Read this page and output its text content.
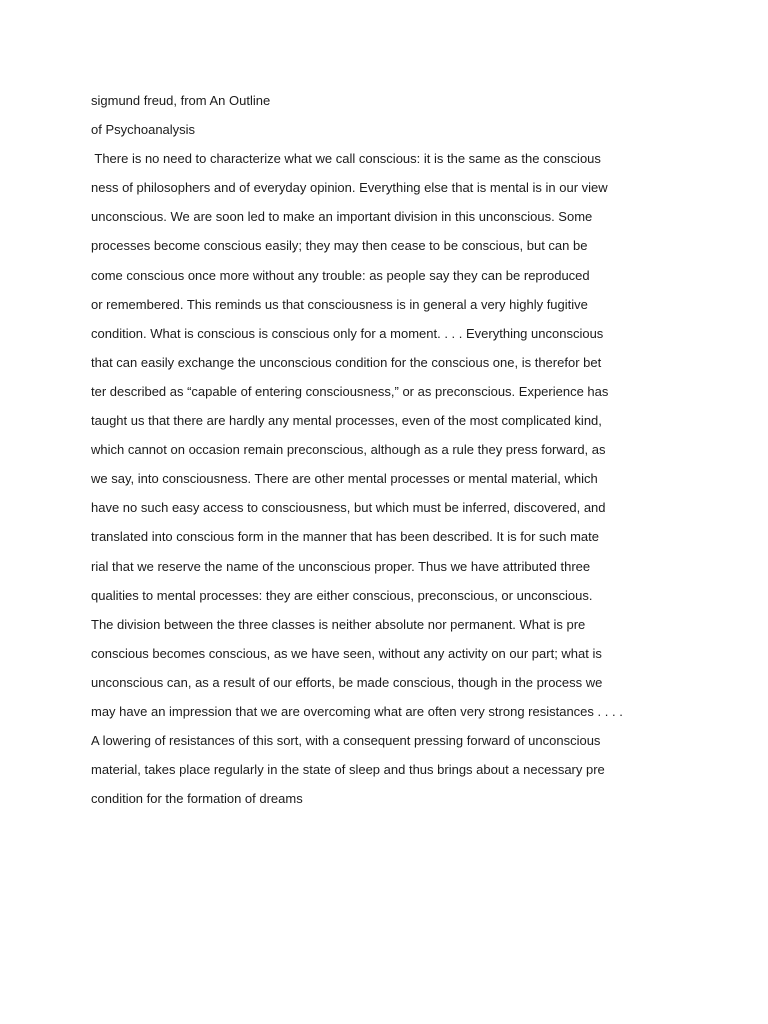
sigmund freud, from An Outline
of Psychoanalysis
There is no need to characterize what we call conscious: it is the same as the conscious
ness of philosophers and of everyday opinion. Everything else that is mental is in our view
unconscious. We are soon led to make an important division in this unconscious. Some
processes become conscious easily; they may then cease to be conscious, but can be
come conscious once more without any trouble: as people say they can be reproduced
or remembered. This reminds us that consciousness is in general a very highly fugitive
condition. What is conscious is conscious only for a moment. . . . Everything unconscious
that can easily exchange the unconscious condition for the conscious one, is therefor bet
ter described as “capable of entering consciousness,” or as preconscious. Experience has
taught us that there are hardly any mental processes, even of the most complicated kind,
which cannot on occasion remain preconscious, although as a rule they press forward, as
we say, into consciousness. There are other mental processes or mental material, which
have no such easy access to consciousness, but which must be inferred, discovered, and
translated into conscious form in the manner that has been described. It is for such mate
rial that we reserve the name of the unconscious proper. Thus we have attributed three
qualities to mental processes: they are either conscious, preconscious, or unconscious.
The division between the three classes is neither absolute nor permanent. What is pre
conscious becomes conscious, as we have seen, without any activity on our part; what is
unconscious can, as a result of our efforts, be made conscious, though in the process we
may have an impression that we are overcoming what are often very strong resistances . . . .
A lowering of resistances of this sort, with a consequent pressing forward of unconscious
material, takes place regularly in the state of sleep and thus brings about a necessary pre
condition for the formation of dreams
